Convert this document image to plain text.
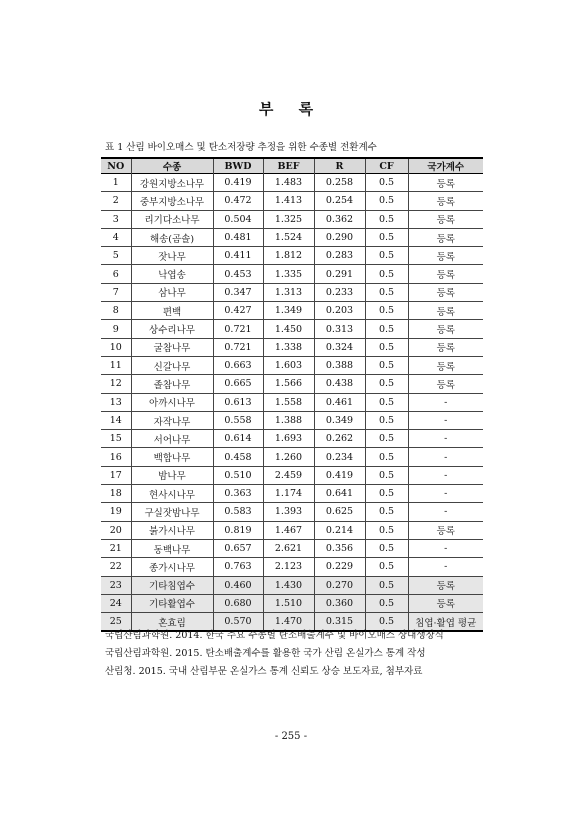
부 록
표 1 산림 바이오매스 및 탄소저장량 추정을 위한 수종별 전환계수
NO	수종	BWD	BEF	R	CF	국가계수
1	강원지방소나무	0.419	1.483	0.258	0.5	등록
2	중부지방소나무	0.472	1.413	0.254	0.5	등록
3	리기다소나무	0.504	1.325	0.362	0.5	등록
4	해송(곰솔)	0.481	1.524	0.290	0.5	등록
5	잣나무	0.411	1.812	0.283	0.5	등록
6	낙엽송	0.453	1.335	0.291	0.5	등록
7	삼나무	0.347	1.313	0.233	0.5	등록
8	편백	0.427	1.349	0.203	0.5	등록
9	상수리나무	0.721	1.450	0.313	0.5	등록
10	굴참나무	0.721	1.338	0.324	0.5	등록
11	신갈나무	0.663	1.603	0.388	0.5	등록
12	졸참나무	0.665	1.566	0.438	0.5	등록
13	아까시나무	0.613	1.558	0.461	0.5	-
14	자작나무	0.558	1.388	0.349	0.5	-
15	서어나무	0.614	1.693	0.262	0.5	-
16	백합나무	0.458	1.260	0.234	0.5	-
17	밤나무	0.510	2.459	0.419	0.5	-
18	현사시나무	0.363	1.174	0.641	0.5	-
19	구실잣밤나무	0.583	1.393	0.625	0.5	-
20	붉가시나무	0.819	1.467	0.214	0.5	등록
21	동백나무	0.657	2.621	0.356	0.5	-
22	종가시나무	0.763	2.123	0.229	0.5	-
23	기타침엽수	0.460	1.430	0.270	0.5	등록
24	기타활엽수	0.680	1.510	0.360	0.5	등록
25	혼효림	0.570	1.470	0.315	0.5	침엽·활엽 평균
국립산림과학원. 2014. 한국 주요 수종별 탄소배출계수 및 바이오매스 상대생장식
국립산림과학원. 2015. 탄소배출계수를 활용한 국가 산림 온실가스 통계 작성
산림청. 2015. 국내 산림부문 온실가스 통계 신뢰도 상승 보도자료, 첨부자료
- 255 -
